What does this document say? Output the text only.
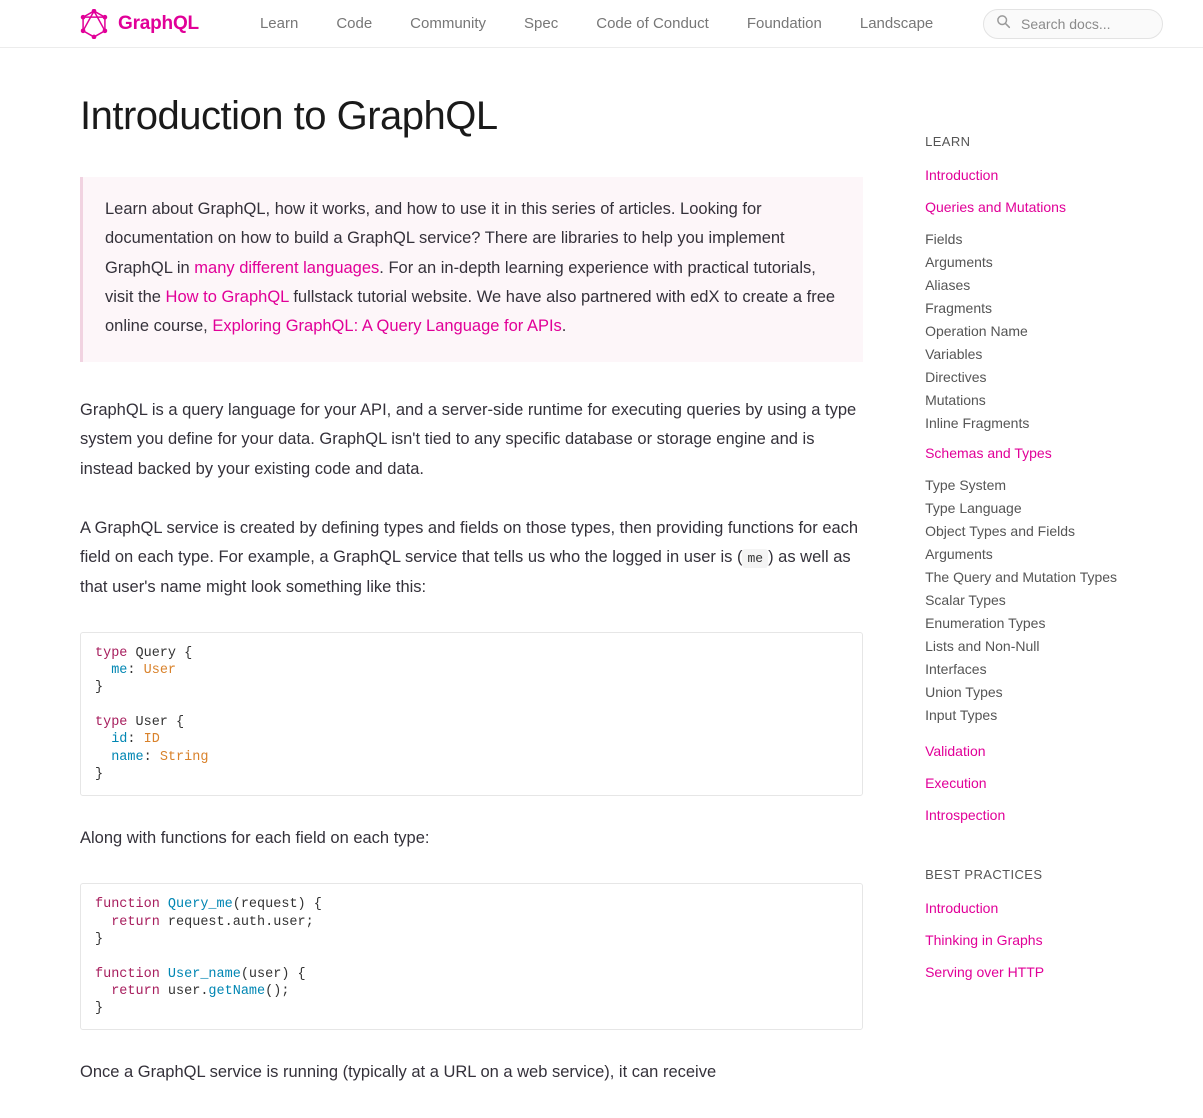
GraphQL	Learn	Code	Community	Spec	Code of Conduct	Foundation	Landscape
Search docs...
Introduction to GraphQL

Learn about GraphQL, how it works, and how to use it in this series of articles. Looking for documentation on how to build a GraphQL service? There are libraries to help you implement GraphQL in many different languages. For an in-depth learning experience with practical tutorials, visit the How to GraphQL fullstack tutorial website. We have also partnered with edX to create a free online course, Exploring GraphQL: A Query Language for APIs.

GraphQL is a query language for your API, and a server-side runtime for executing queries by using a type system you define for your data. GraphQL isn't tied to any specific database or storage engine and is instead backed by your existing code and data.

A GraphQL service is created by defining types and fields on those types, then providing functions for each field on each type. For example, a GraphQL service that tells us who the logged in user is ( me ) as well as that user's name might look something like this:

type Query {
me: User
}

type User {
id: ID
name: String
}

Along with functions for each field on each type:

function Query_me(request) {
return request.auth.user;
}

function User_name(user) {
return user.getName();
}

Once a GraphQL service is running (typically at a URL on a web service), it can receive

LEARN
Introduction
Queries and Mutations
Fields
Arguments
Aliases
Fragments
Operation Name
Variables
Directives
Mutations
Inline Fragments
Schemas and Types
Type System
Type Language
Object Types and Fields
Arguments
The Query and Mutation Types
Scalar Types
Enumeration Types
Lists and Non-Null
Interfaces
Union Types
Input Types
Validation
Execution
Introspection
BEST PRACTICES
Introduction
Thinking in Graphs
Serving over HTTP
